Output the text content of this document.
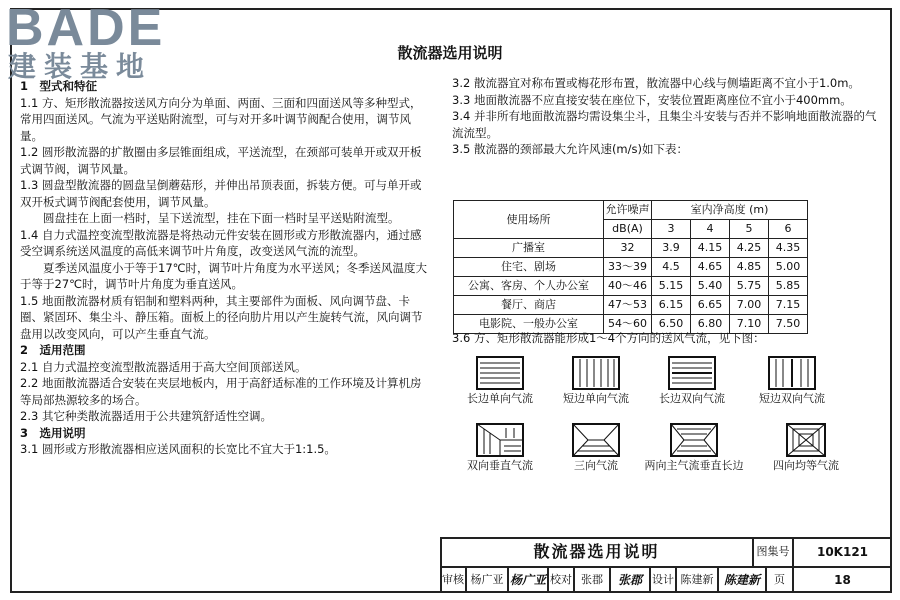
BADE
建装基地	散流器选用说明

1　型式和特征

1.1 方、矩形散流器按送风方向分为单面、两面、三面和四面送风等多种型式，常用四面送风。气流为平送贴附流型，可与对开多叶调节阀配合使用，调节风量。

1.2 圆形散流器的扩散圈由多层锥面组成，平送流型，在颈部可装单开或双开板式调节阀，调节风量。

1.3 圆盘型散流器的圆盘呈倒蘑菇形，并伸出吊顶表面，拆装方便。可与单开或双开板式调节阀配套使用，调节风量。

　　圆盘挂在上面一档时，呈下送流型，挂在下面一档时呈平送贴附流型。

1.4 自力式温控变流型散流器是将热动元件安装在圆形或方形散流器内，通过感受空调系统送风温度的高低来调节叶片角度，改变送风气流的流型。

　　夏季送风温度小于等于17℃时，调节叶片角度为水平送风；冬季送风温度大于等于27℃时，调节叶片角度为垂直送风。

1.5 地面散流器材质有铝制和塑料两种，其主要部件为面板、风向调节盘、卡圈、紧固环、集尘斗、静压箱。面板上的径向肋片用以产生旋转气流，风向调节盘用以改变风向，可以产生垂直气流。

2　适用范围

2.1 自力式温控变流型散流器适用于高大空间顶部送风。

2.2 地面散流器适合安装在夹层地板内，用于高舒适标准的工作环境及计算机房等局部热源较多的场合。

2.3 其它种类散流器适用于公共建筑舒适性空调。

3　选用说明

3.1 圆形或方形散流器相应送风面积的长宽比不宜大于1:1.5。

3.2 散流器宜对称布置或梅花形布置，散流器中心线与侧墙距离不宜小于1.0m。

3.3 地面散流器不应直接安装在座位下，安装位置距离座位不宜小于400mm。

3.4 并非所有地面散流器均需设集尘斗，且集尘斗安装与否并不影响地面散流器的气流流型。

3.5 散流器的颈部最大允许风速(m/s)如下表：

使用场所	允许噪声	室内净高度 (m)			
	dB(A)	3	4	5	6
广播室	32	3.9	4.15	4.25	4.35
住宅、剧场	33～39	4.5	4.65	4.85	5.00
公寓、客房、个人办公室	40～46	5.15	5.40	5.75	5.85
餐厅、商店	47～53	6.15	6.65	7.00	7.15
电影院、一般办公室	54～60	6.50	6.80	7.10	7.50
3.6 方、矩形散流器能形成1～4个方向的送风气流，见下图：
长边单向气流	短边单向气流	长边双向气流	短边双向气流
双向垂直气流	三向气流	两向主气流垂直长边	四向均等气流
散流器选用说明	图集号	10K121
审核 杨广亚 杨广亚 校对 张郡	张郡 设计 陈建新 陈建新	页	18
